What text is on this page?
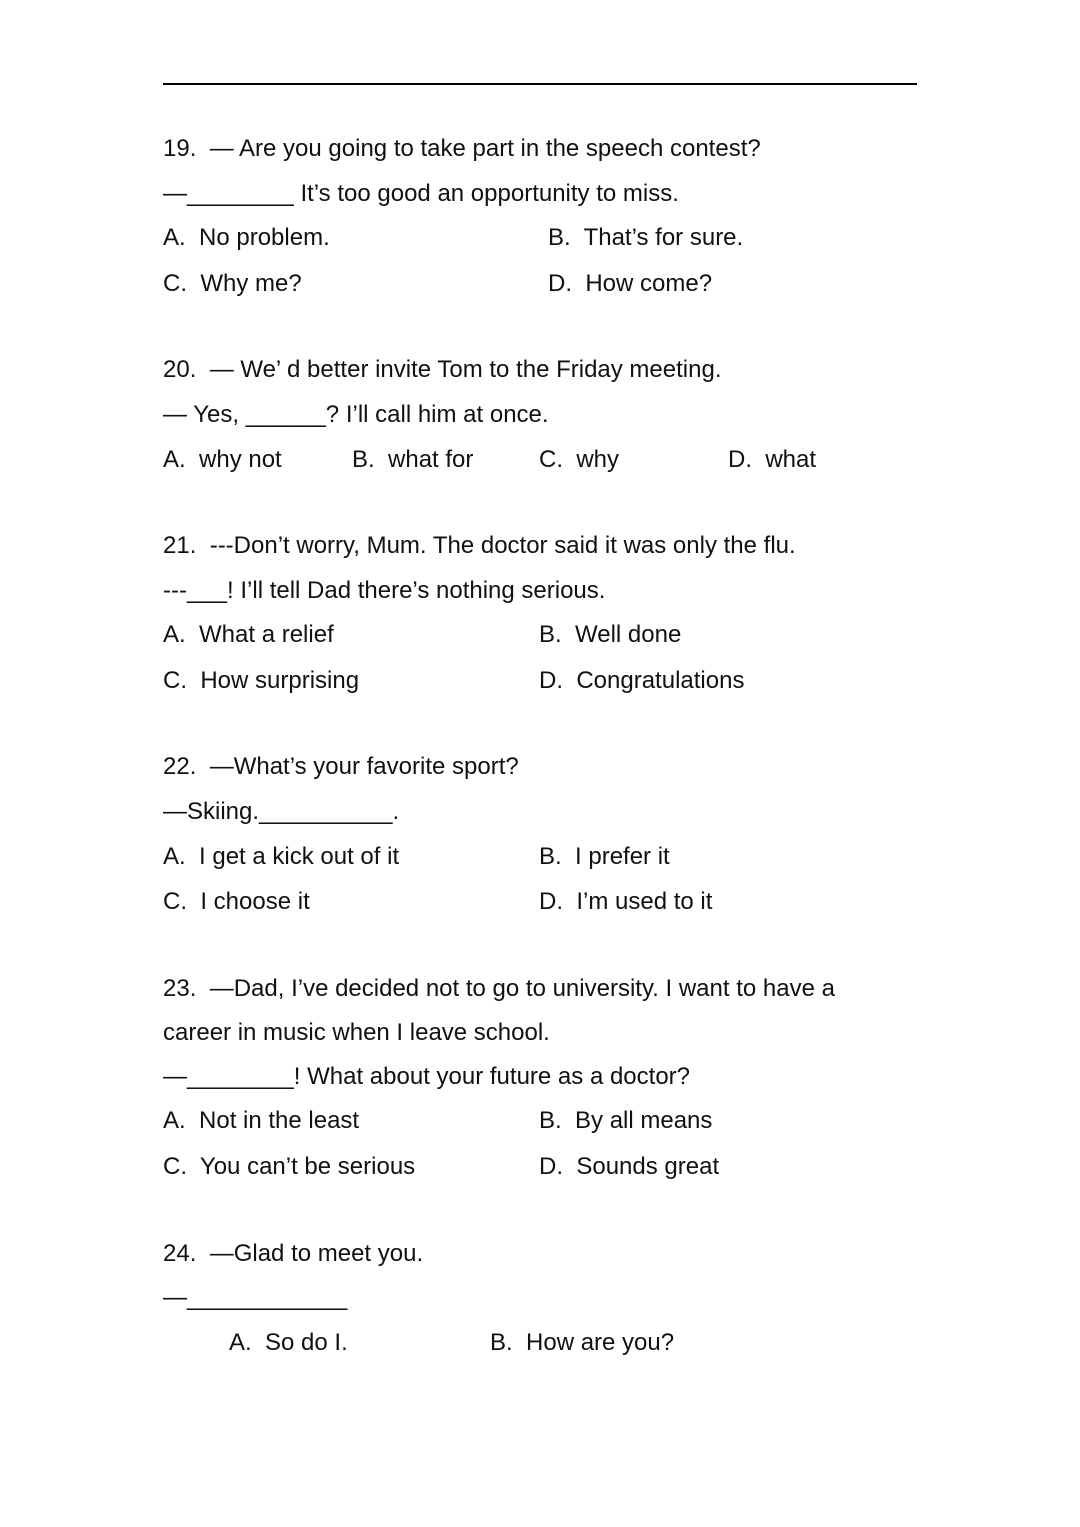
19.  — Are you going to take part in the speech contest?
—________ It’s too good an opportunity to miss.
A.  No problem.	B.  That’s for sure.
C.  Why me?	D.  How come?
20.  — We’ d better invite Tom to the Friday meeting.
— Yes, ______? I’ll call him at once.
A.  why not	B.  what for	C.  why	D.  what
21.  ---Don’t worry, Mum. The doctor said it was only the flu.
---___! I’ll tell Dad there’s nothing serious.
A.  What a relief	B.  Well done
C.  How surprising	D.  Congratulations
22.  —What’s your favorite sport?
—Skiing.__________.
A.  I get a kick out of it	B.  I prefer it
C.  I choose it	D.  I’m used to it
23.  —Dad, I’ve decided not to go to university. I want to have a
career in music when I leave school.
—________! What about your future as a doctor?
A.  Not in the least	B.  By all means
C.  You can’t be serious	D.  Sounds great
24.  —Glad to meet you.
—____________
A.  So do I.	B.  How are you?
